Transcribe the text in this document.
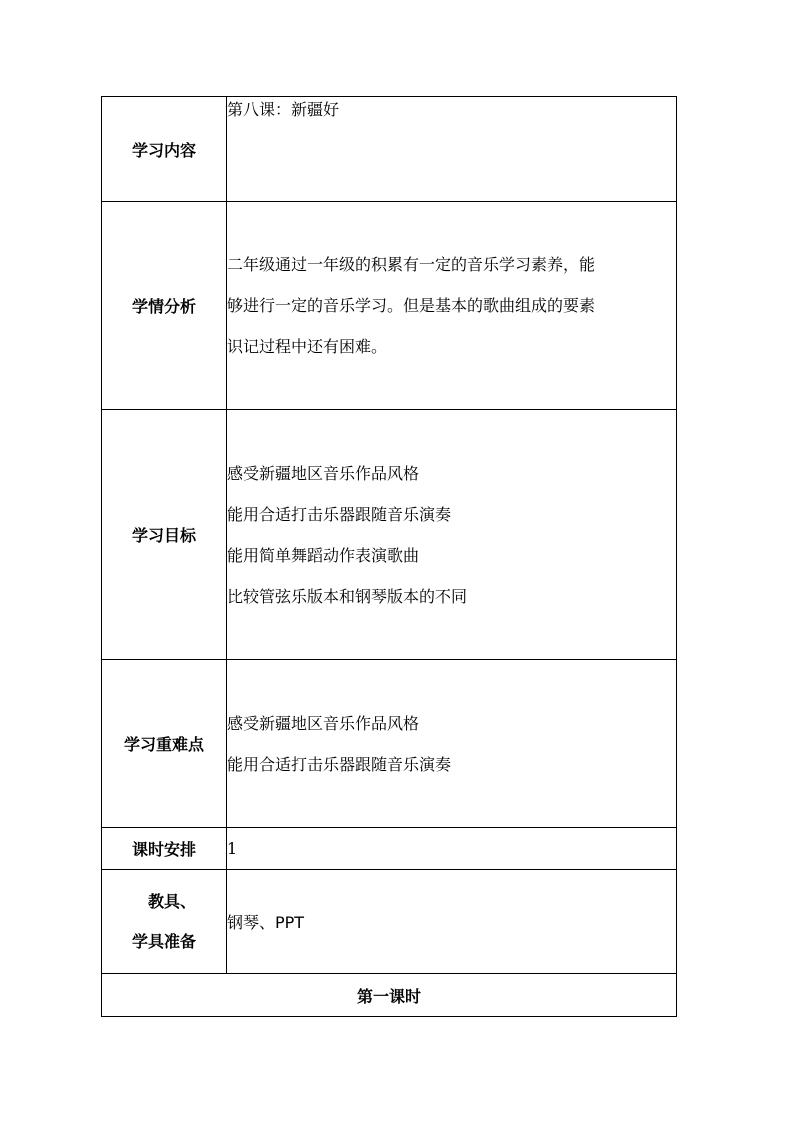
学习内容	第八课：新疆好
学情分析	二年级通过一年级的积累有一定的音乐学习素养，能
够进行一定的音乐学习。但是基本的歌曲组成的要素
识记过程中还有困难。

学习目标	感受新疆地区音乐作品风格
能用合适打击乐器跟随音乐演奏
能用简单舞蹈动作表演歌曲
比较管弦乐版本和钢琴版本的不同

学习重难点	感受新疆地区音乐作品风格
能用合适打击乐器跟随音乐演奏

课时安排	1

教具、
学具准备	钢琴、PPT
第一课时	
